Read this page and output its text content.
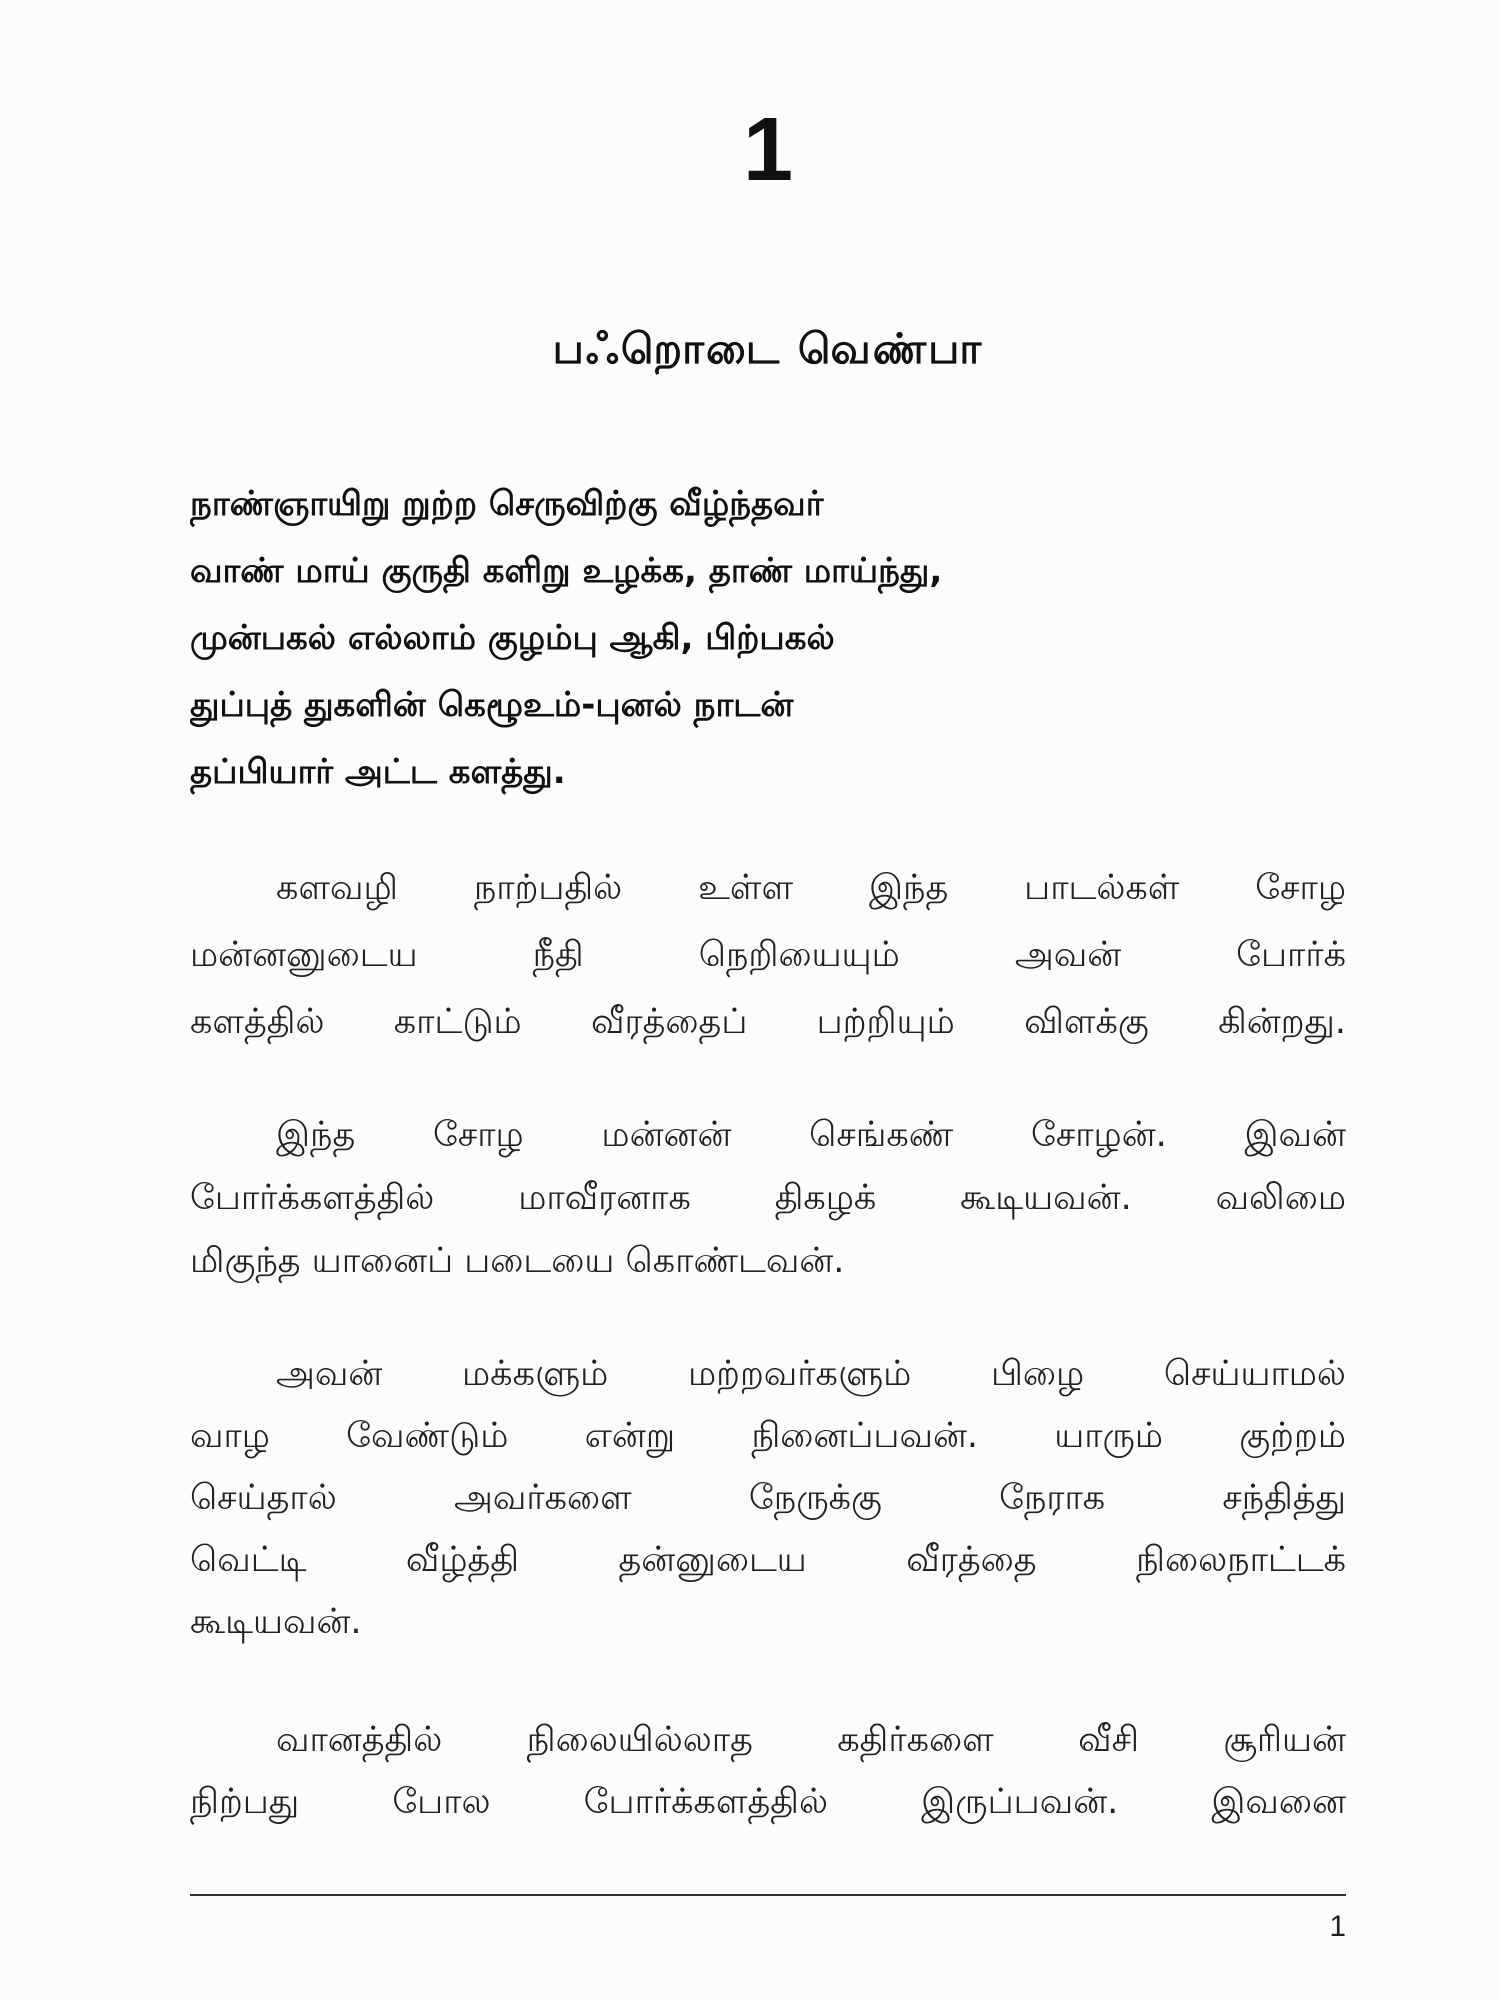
1
பஃறொடை வெண்பா
நாண்ஞாயிறு றுற்ற செருவிற்கு வீழ்ந்தவர்
வாண் மாய் குருதி களிறு உழக்க, தாண் மாய்ந்து,
முன்பகல் எல்லாம் குழம்பு ஆகி, பிற்பகல்
துப்புத் துகளின் கெழூஉம்-புனல் நாடன்
தப்பியார் அட்ட களத்து.
களவழி நாற்பதில் உள்ள இந்த பாடல்கள் சோழ
மன்னனுடைய நீதி நெறியையும் அவன் போர்க்
களத்தில் காட்டும் வீரத்தைப் பற்றியும் விளக்கு கின்றது.
இந்த சோழ மன்னன் செங்கண் சோழன். இவன்
போர்க்களத்தில் மாவீரனாக திகழக் கூடியவன். வலிமை
மிகுந்த யானைப் படையை கொண்டவன்.
அவன் மக்களும் மற்றவர்களும் பிழை செய்யாமல்
வாழ வேண்டும் என்று நினைப்பவன். யாரும் குற்றம்
செய்தால் அவர்களை நேருக்கு நேராக சந்தித்து
வெட்டி வீழ்த்தி தன்னுடைய வீரத்தை நிலைநாட்டக்
கூடியவன்.
வானத்தில் நிலையில்லாத கதிர்களை வீசி சூரியன்
நிற்பது போல போர்க்களத்தில் இருப்பவன். இவனை
1
